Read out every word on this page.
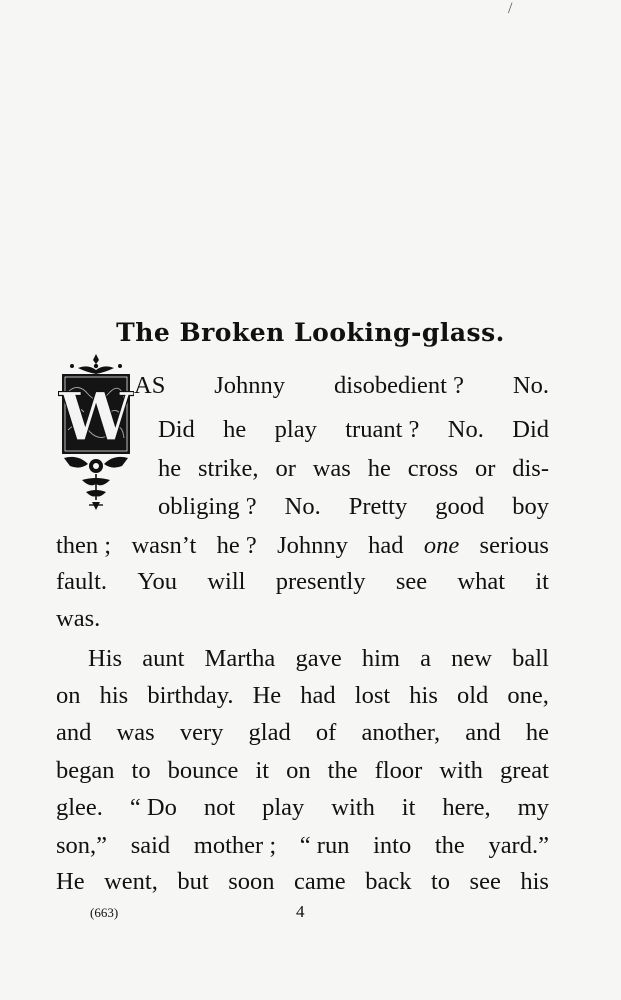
/
The Broken Looking-glass.
W AS Johnny disobedient ? No.
Did he play truant ? No. Did
he strike, or was he cross or dis-
obliging ? No. Pretty good boy
then ; wasn’t he ? Johnny had one serious
fault. You will presently see what it
was.
His aunt Martha gave him a new ball
on his birthday. He had lost his old one,
and was very glad of another, and he
began to bounce it on the floor with great
glee. “ Do not play with it here, my
son,” said mother ; “ run into the yard.”
He went, but soon came back to see his
(663)	4
